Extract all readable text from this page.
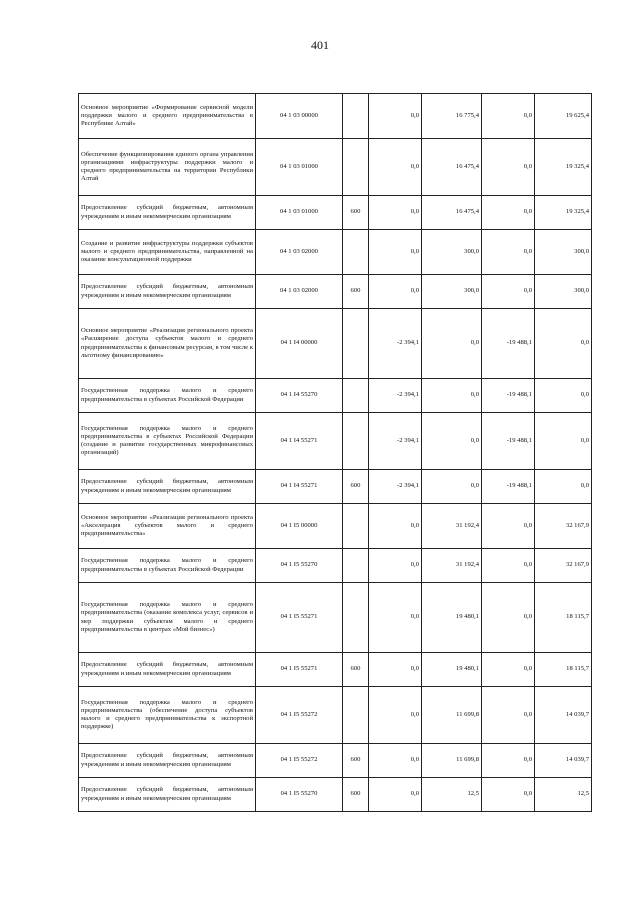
401
Основное мероприятие «Формирование сервисной модели поддержки малого и среднего предпринимательства в Республике Алтай»	04 1 03 00000		0,0	16 775,4	0,0	19 625,4
Обеспечение функционирования единого органа управления организациями инфраструктуры поддержки малого и среднего предпринимательства на территории Республики Алтай	04 1 03 01000		0,0	16 475,4	0,0	19 325,4
Предоставление субсидий бюджетным, автономным учреждениям и иным некоммерческим организациям	04 1 03 01000	600	0,0	16 475,4	0,0	19 325,4
Создание и развитие инфраструктуры поддержки субъектов малого и среднего предпринимательства, направленной на оказание консультационной поддержки	04 1 03 02000		0,0	300,0	0,0	300,0
Предоставление субсидий бюджетным, автономным учреждениям и иным некоммерческим организациям	04 1 03 02000	600	0,0	300,0	0,0	300,0
Основное мероприятие «Реализация регионального проекта «Расширение доступа субъектов малого и среднего предпринимательства к финансовым ресурсам, в том числе к льготному финансированию»	04 1 I4 00000		-2 394,1	0,0	-19 488,1	0,0
Государственная поддержка малого и среднего предпринимательства в субъектах Российской Федерации	04 1 I4 55270		-2 394,1	0,0	-19 488,1	0,0
Государственная поддержка малого и среднего предпринимательства в субъектах Российской Федерации (создание и развитие государственных микрофинансовых организаций)	04 1 I4 55271		-2 394,1	0,0	-19 488,1	0,0
Предоставление субсидий бюджетным, автономным учреждениям и иным некоммерческим организациям	04 1 I4 55271	600	-2 394,1	0,0	-19 488,1	0,0
Основное мероприятие «Реализация регионального проекта «Акселерация субъектов малого и среднего предпринимательства»	04 1 I5 00000		0,0	31 192,4	0,0	32 167,9
Государственная поддержка малого и среднего предпринимательства в субъектах Российской Федерации	04 1 I5 55270		0,0	31 192,4	0,0	32 167,9
Государственная поддержка малого и среднего предпринимательства (оказание комплекса услуг, сервисов и мер поддержки субъектам малого и среднего предпринимательства в центрах «Мой бизнес»)	04 1 I5 55271		0,0	19 480,1	0,0	18 115,7
Предоставление субсидий бюджетным, автономным учреждениям и иным некоммерческим организациям	04 1 I5 55271	600	0,0	19 480,1	0,0	18 115,7
Государственная поддержка малого и среднего предпринимательства (обеспечение доступа субъектов малого и среднего предпринимательства к экспортной поддержке)	04 1 I5 55272		0,0	11 699,8	0,0	14 039,7
Предоставление субсидий бюджетным, автономным учреждениям и иным некоммерческим организациям	04 1 I5 55272	600	0,0	11 699,8	0,0	14 039,7
Предоставление субсидий бюджетным, автономным учреждениям и иным некоммерческим организациям	04 1 I5 55270	600	0,0	12,5	0,0	12,5
